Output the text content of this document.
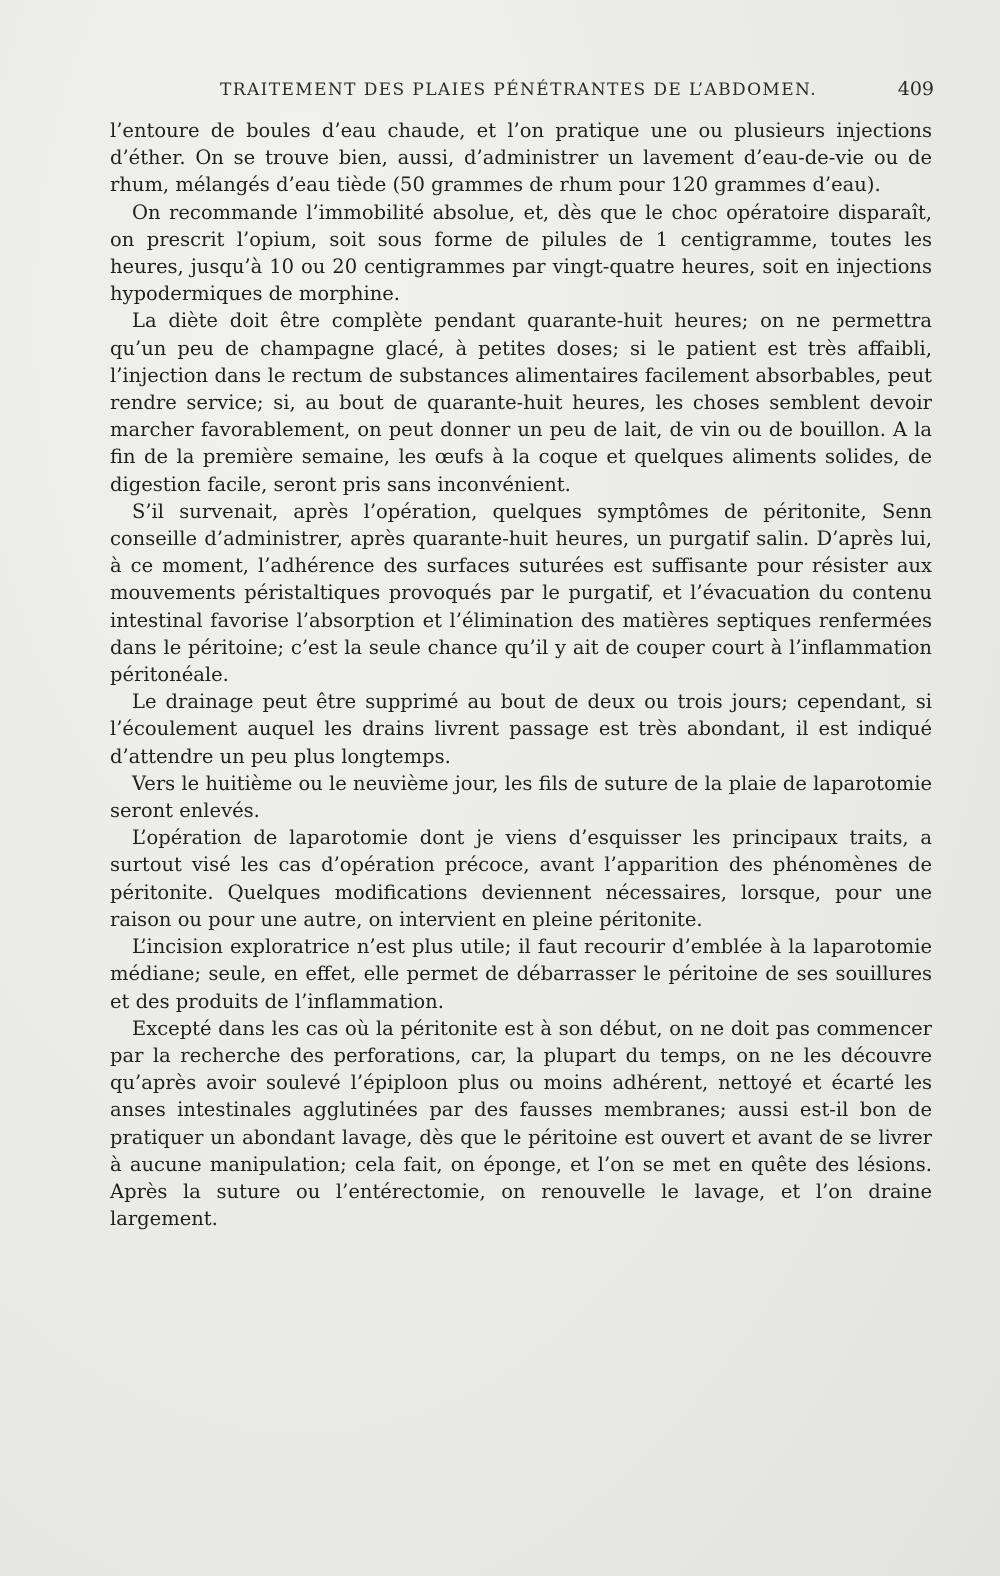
TRAITEMENT DES PLAIES PÉNÉTRANTES DE L’ABDOMEN.	409

l’entoure de boules d’eau chaude, et l’on pratique une ou plusieurs injections d’éther. On se trouve bien, aussi, d’administrer un lavement d’eau-de-vie ou de rhum, mélangés d’eau tiède (50 grammes de rhum pour 120 grammes d’eau).

On recommande l’immobilité absolue, et, dès que le choc opératoire disparaît, on prescrit l’opium, soit sous forme de pilules de 1 centigramme, toutes les heures, jusqu’à 10 ou 20 centigrammes par vingt-quatre heures, soit en injections hypodermiques de morphine.

La diète doit être complète pendant quarante-huit heures; on ne permettra qu’un peu de champagne glacé, à petites doses; si le patient est très affaibli, l’injection dans le rectum de substances alimentaires facilement absorbables, peut rendre service; si, au bout de quarante-huit heures, les choses semblent devoir marcher favorablement, on peut donner un peu de lait, de vin ou de bouillon. A la fin de la première semaine, les œufs à la coque et quelques aliments solides, de digestion facile, seront pris sans inconvénient.

S’il survenait, après l’opération, quelques symptômes de péritonite, Senn conseille d’administrer, après quarante-huit heures, un purgatif salin. D’après lui, à ce moment, l’adhérence des surfaces suturées est suffisante pour résister aux mouvements péristaltiques provoqués par le purgatif, et l’évacuation du contenu intestinal favorise l’absorption et l’élimination des matières septiques renfermées dans le péritoine; c’est la seule chance qu’il y ait de couper court à l’inflammation péritonéale.

Le drainage peut être supprimé au bout de deux ou trois jours; cependant, si l’écoulement auquel les drains livrent passage est très abondant, il est indiqué d’attendre un peu plus longtemps.

Vers le huitième ou le neuvième jour, les fils de suture de la plaie de laparotomie seront enlevés.

L’opération de laparotomie dont je viens d’esquisser les principaux traits, a surtout visé les cas d’opération précoce, avant l’apparition des phénomènes de péritonite. Quelques modifications deviennent nécessaires, lorsque, pour une raison ou pour une autre, on intervient en pleine péritonite.

L’incision exploratrice n’est plus utile; il faut recourir d’emblée à la laparotomie médiane; seule, en effet, elle permet de débarrasser le péritoine de ses souillures et des produits de l’inflammation.

Excepté dans les cas où la péritonite est à son début, on ne doit pas commencer par la recherche des perforations, car, la plupart du temps, on ne les découvre qu’après avoir soulevé l’épiploon plus ou moins adhérent, nettoyé et écarté les anses intestinales agglutinées par des fausses membranes; aussi est-il bon de pratiquer un abondant lavage, dès que le péritoine est ouvert et avant de se livrer à aucune manipulation; cela fait, on éponge, et l’on se met en quête des lésions. Après la suture ou l’entérectomie, on renouvelle le lavage, et l’on draine largement.
